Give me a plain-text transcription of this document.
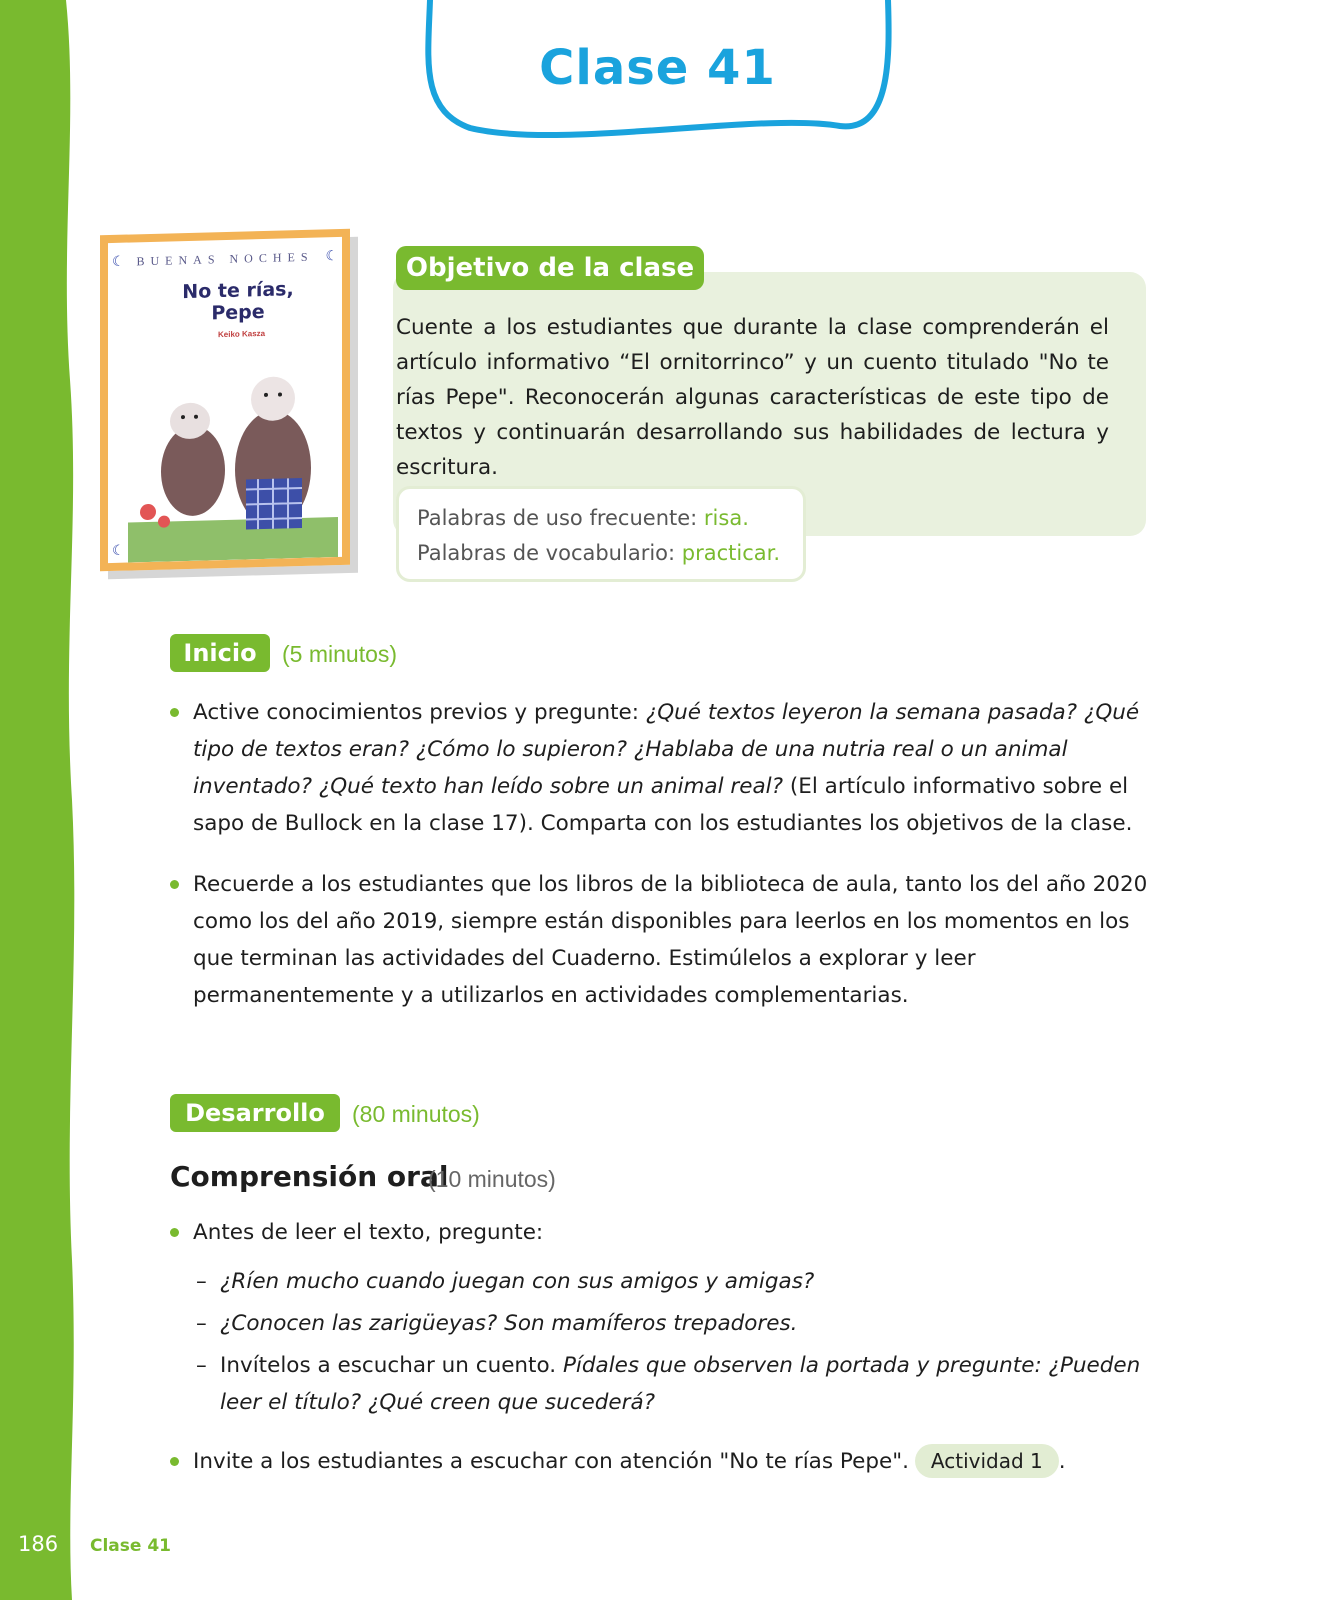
Clase 41
BUENAS NOCHES
☾	☾
☾
No te rías, Pepe
Keiko Kasza
Objetivo de la clase
Cuente a los estudiantes que durante la clase comprenderán el artículo informativo “El ornitorrinco” y un cuento titulado "No te rías Pepe". Reconocerán algunas características de este tipo de textos y continuarán desarrollando sus habilidades de lectura y escritura.
Palabras de uso frecuente: risa.
Palabras de vocabulario: practicar.
Inicio	(5 minutos)
Active conocimientos previos y pregunte: ¿Qué textos leyeron la semana pasada? ¿Qué tipo de textos eran? ¿Cómo lo supieron? ¿Hablaba de una nutria real o un animal inventado? ¿Qué texto han leído sobre un animal real? (El artículo informativo sobre el sapo de Bullock en la clase 17). Comparta con los estudiantes los objetivos de la clase.
Recuerde a los estudiantes que los libros de la biblioteca de aula, tanto los del año 2020 como los del año 2019, siempre están disponibles para leerlos en los momentos en los que terminan las actividades del Cuaderno. Estimúlelos a explorar y leer permanentemente y a utilizarlos en actividades complementarias.
Desarrollo	(80 minutos)
Comprensión oral
(10 minutos)
Antes de leer el texto, pregunte:
– ¿Ríen mucho cuando juegan con sus amigos y amigas?
– ¿Conocen las zarigüeyas? Son mamíferos trepadores.
– Invítelos a escuchar un cuento. Pídales que observen la portada y pregunte: ¿Pueden leer el título? ¿Qué creen que sucederá?
Invite a los estudiantes a escuchar con atención "No te rías Pepe". Actividad 1 .
186 Clase 41
